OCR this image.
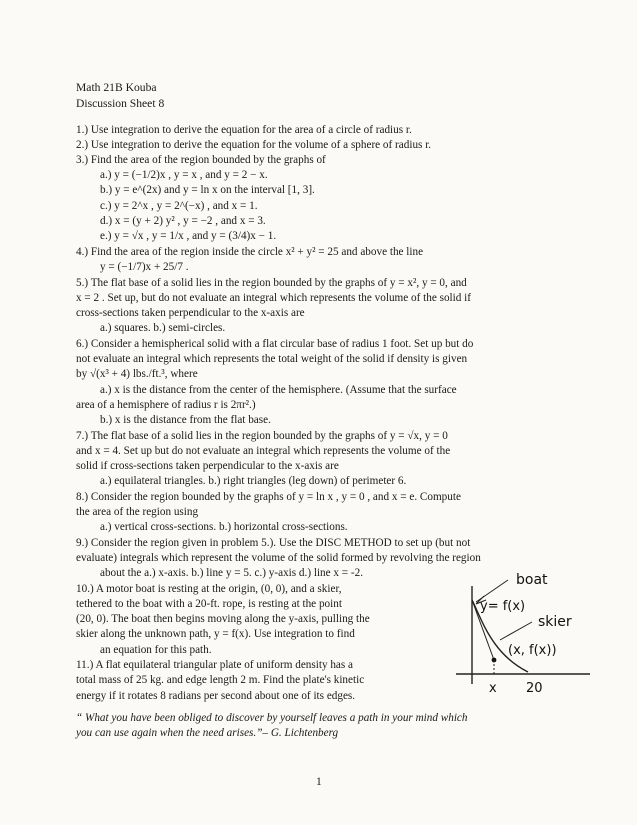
Math 21B Kouba
Discussion Sheet 8
1.) Use integration to derive the equation for the area of a circle of radius r.
2.) Use integration to derive the equation for the volume of a sphere of radius r.
3.) Find the area of the region bounded by the graphs of
a.) y = (−1/2)x , y = x , and y = 2 − x.
b.) y = e^(2x) and y = ln x on the interval [1, 3].
c.) y = 2^x , y = 2^(−x) , and x = 1.
d.) x = (y + 2) y² , y = −2 , and x = 3.
e.) y = √x , y = 1/x , and y = (3/4)x − 1.
4.) Find the area of the region inside the circle x² + y² = 25 and above the line
y = (−1/7)x + 25/7 .
5.) The flat base of a solid lies in the region bounded by the graphs of y = x², y = 0, and
x = 2 . Set up, but do not evaluate an integral which represents the volume of the solid if
cross-sections taken perpendicular to the x-axis are
a.) squares. b.) semi-circles.
6.) Consider a hemispherical solid with a flat circular base of radius 1 foot. Set up but do
not evaluate an integral which represents the total weight of the solid if density is given
by √(x³ + 4) lbs./ft.³, where
a.) x is the distance from the center of the hemisphere. (Assume that the surface
area of a hemisphere of radius r is 2πr².)
b.) x is the distance from the flat base.
7.) The flat base of a solid lies in the region bounded by the graphs of y = √x, y = 0
and x = 4. Set up but do not evaluate an integral which represents the volume of the
solid if cross-sections taken perpendicular to the x-axis are
a.) equilateral triangles. b.) right triangles (leg down) of perimeter 6.
8.) Consider the region bounded by the graphs of y = ln x , y = 0 , and x = e. Compute
the area of the region using
a.) vertical cross-sections. b.) horizontal cross-sections.
9.) Consider the region given in problem 5.). Use the DISC METHOD to set up (but not
evaluate) integrals which represent the volume of the solid formed by revolving the region
about the a.) x-axis. b.) line y = 5. c.) y-axis d.) line x = -2.
10.) A motor boat is resting at the origin, (0, 0), and a skier,
tethered to the boat with a 20-ft. rope, is resting at the point
(20, 0). The boat then begins moving along the y-axis, pulling the
skier along the unknown path, y = f(x). Use integration to find
an equation for this path.
11.) A flat equilateral triangular plate of uniform density has a
total mass of 25 kg. and edge length 2 m. Find the plate's kinetic
energy if it rotates 8 radians per second about one of its edges.
“ What you have been obliged to discover by yourself leaves a path in your mind which
you can use again when the need arises.”– G. Lichtenberg
boat
y= f(x)
skier
(x, f(x))
x 20
1
